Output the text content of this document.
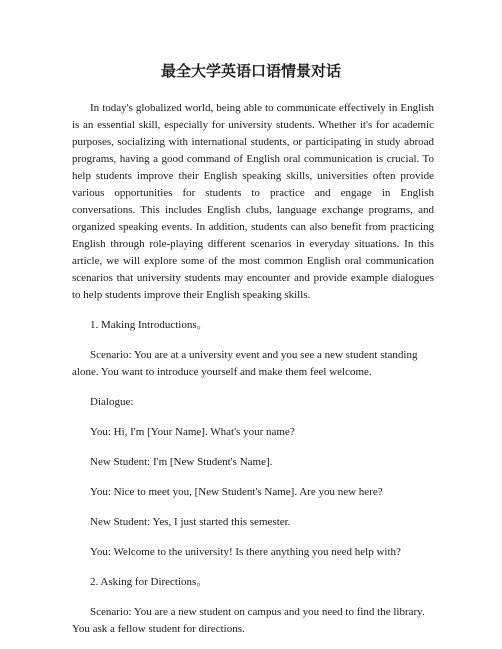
最全大学英语口语情景对话

In today's globalized world, being able to communicate effectively in English is an essential skill, especially for university students. Whether it's for academic purposes, socializing with international students, or participating in study abroad programs, having a good command of English oral communication is crucial. To help students improve their English speaking skills, universities often provide various opportunities for students to practice and engage in English conversations. This includes English clubs, language exchange programs, and organized speaking events. In addition, students can also benefit from practicing English through role-playing different scenarios in everyday situations. In this article, we will explore some of the most common English oral communication scenarios that university students may encounter and provide example dialogues to help students improve their English speaking skills.

1. Making Introductions。

Scenario: You are at a university event and you see a new student standing alone. You want to introduce yourself and make them feel welcome.

Dialogue:

You: Hi, I'm [Your Name]. What's your name?

New Student: I'm [New Student's Name].

You: Nice to meet you, [New Student's Name]. Are you new here?

New Student: Yes, I just started this semester.

You: Welcome to the university! Is there anything you need help with?

2. Asking for Directions。

Scenario: You are a new student on campus and you need to find the library. You ask a fellow student for directions.
